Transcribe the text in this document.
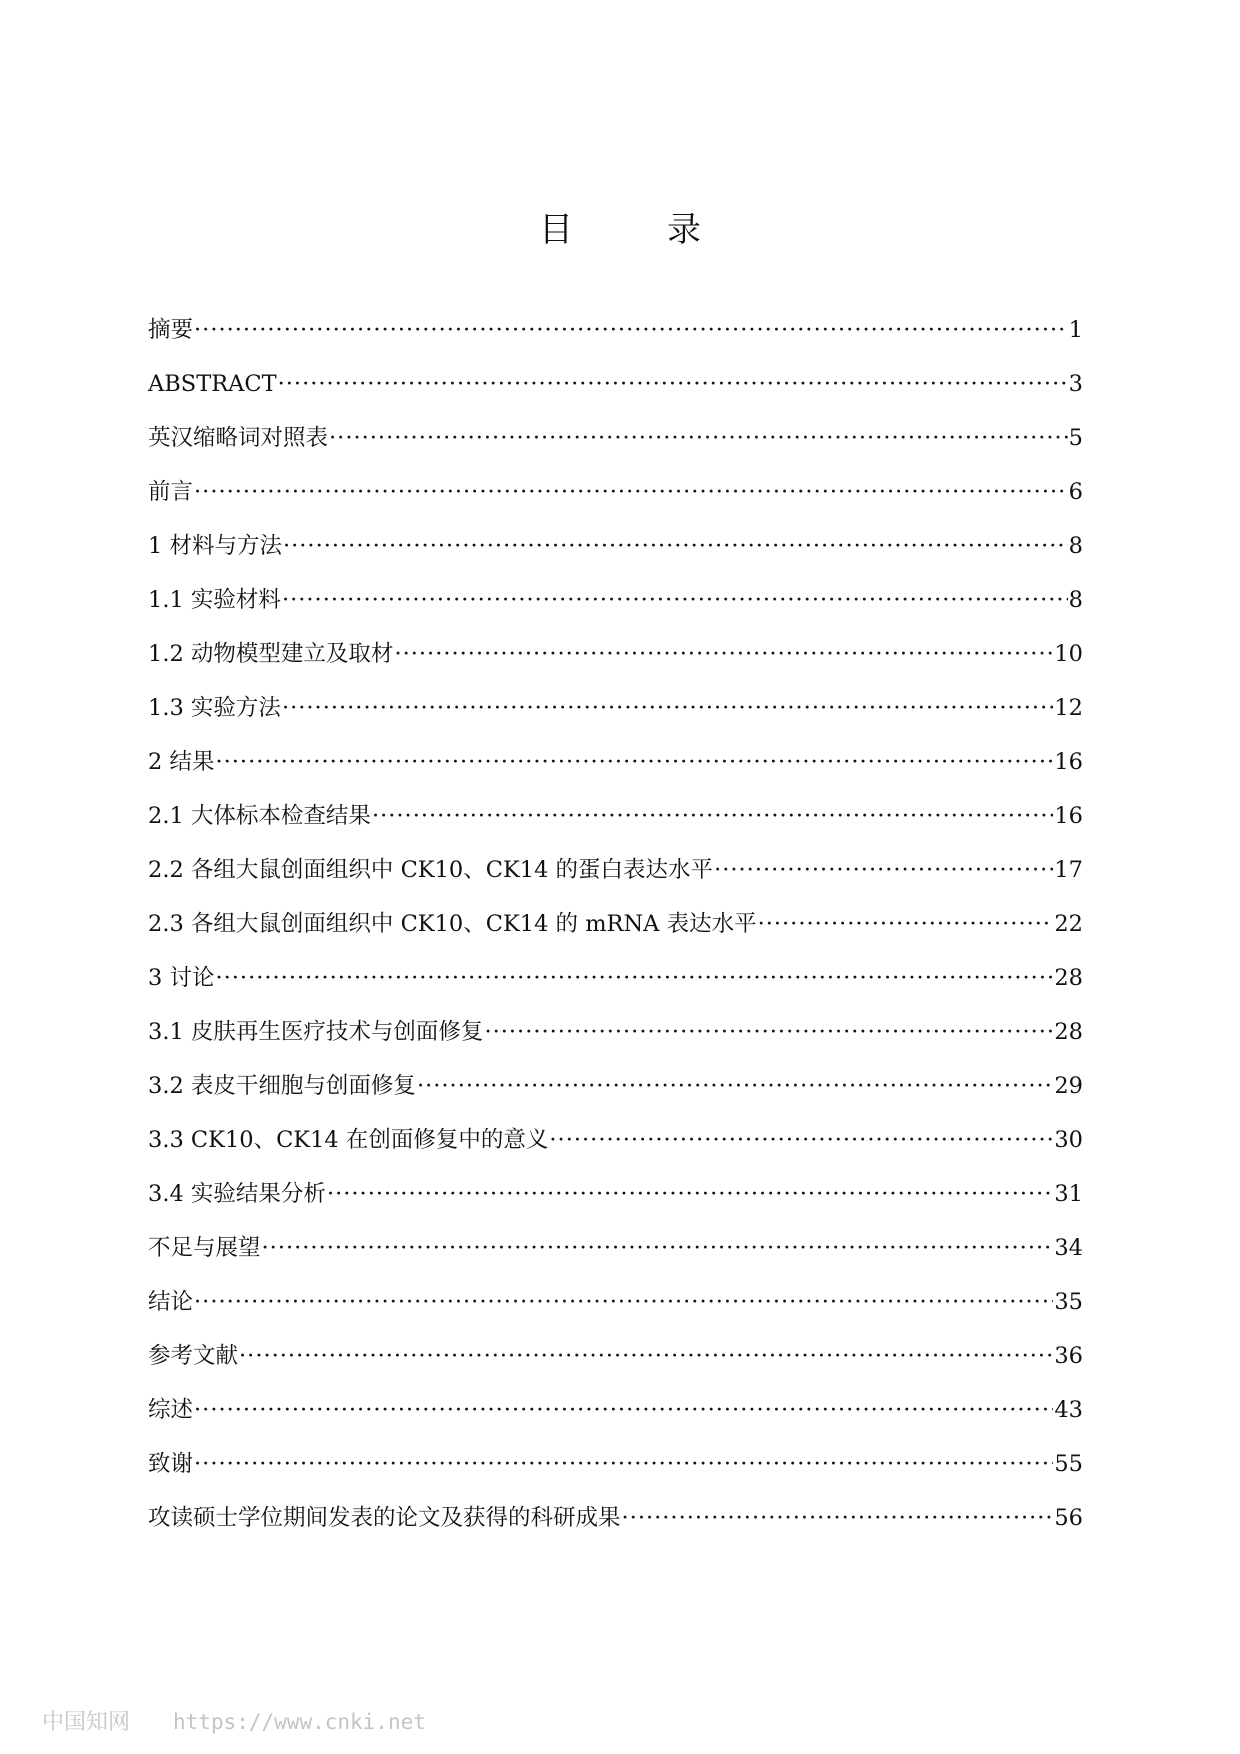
目　录
摘要 ·····	1
ABSTRACT ·····	3
英汉缩略词对照表 ·····	5
前言 ·····	6
1 材料与方法 ·····	8
1.1 实验材料 ·····	8
1.2 动物模型建立及取材 ·····	10
1.3 实验方法 ·····	12
2 结果 ·····	16
2.1 大体标本检查结果 ·····	16
2.2 各组大鼠创面组织中 CK10、CK14 的蛋白表达水平 ·····	17
2.3 各组大鼠创面组织中 CK10、CK14 的 mRNA 表达水平 ·····	22
3 讨论 ·····	28
3.1 皮肤再生医疗技术与创面修复 ·····	28
3.2 表皮干细胞与创面修复 ·····	29
3.3 CK10、CK14 在创面修复中的意义 ·····	30
3.4 实验结果分析 ·····	31
不足与展望 ·····	34
结论 ·····	35
参考文献 ·····	36
综述 ·····	43
致谢 ·····	55
攻读硕士学位期间发表的论文及获得的科研成果 ·····	56
中国知网 https://www.cnki.net
